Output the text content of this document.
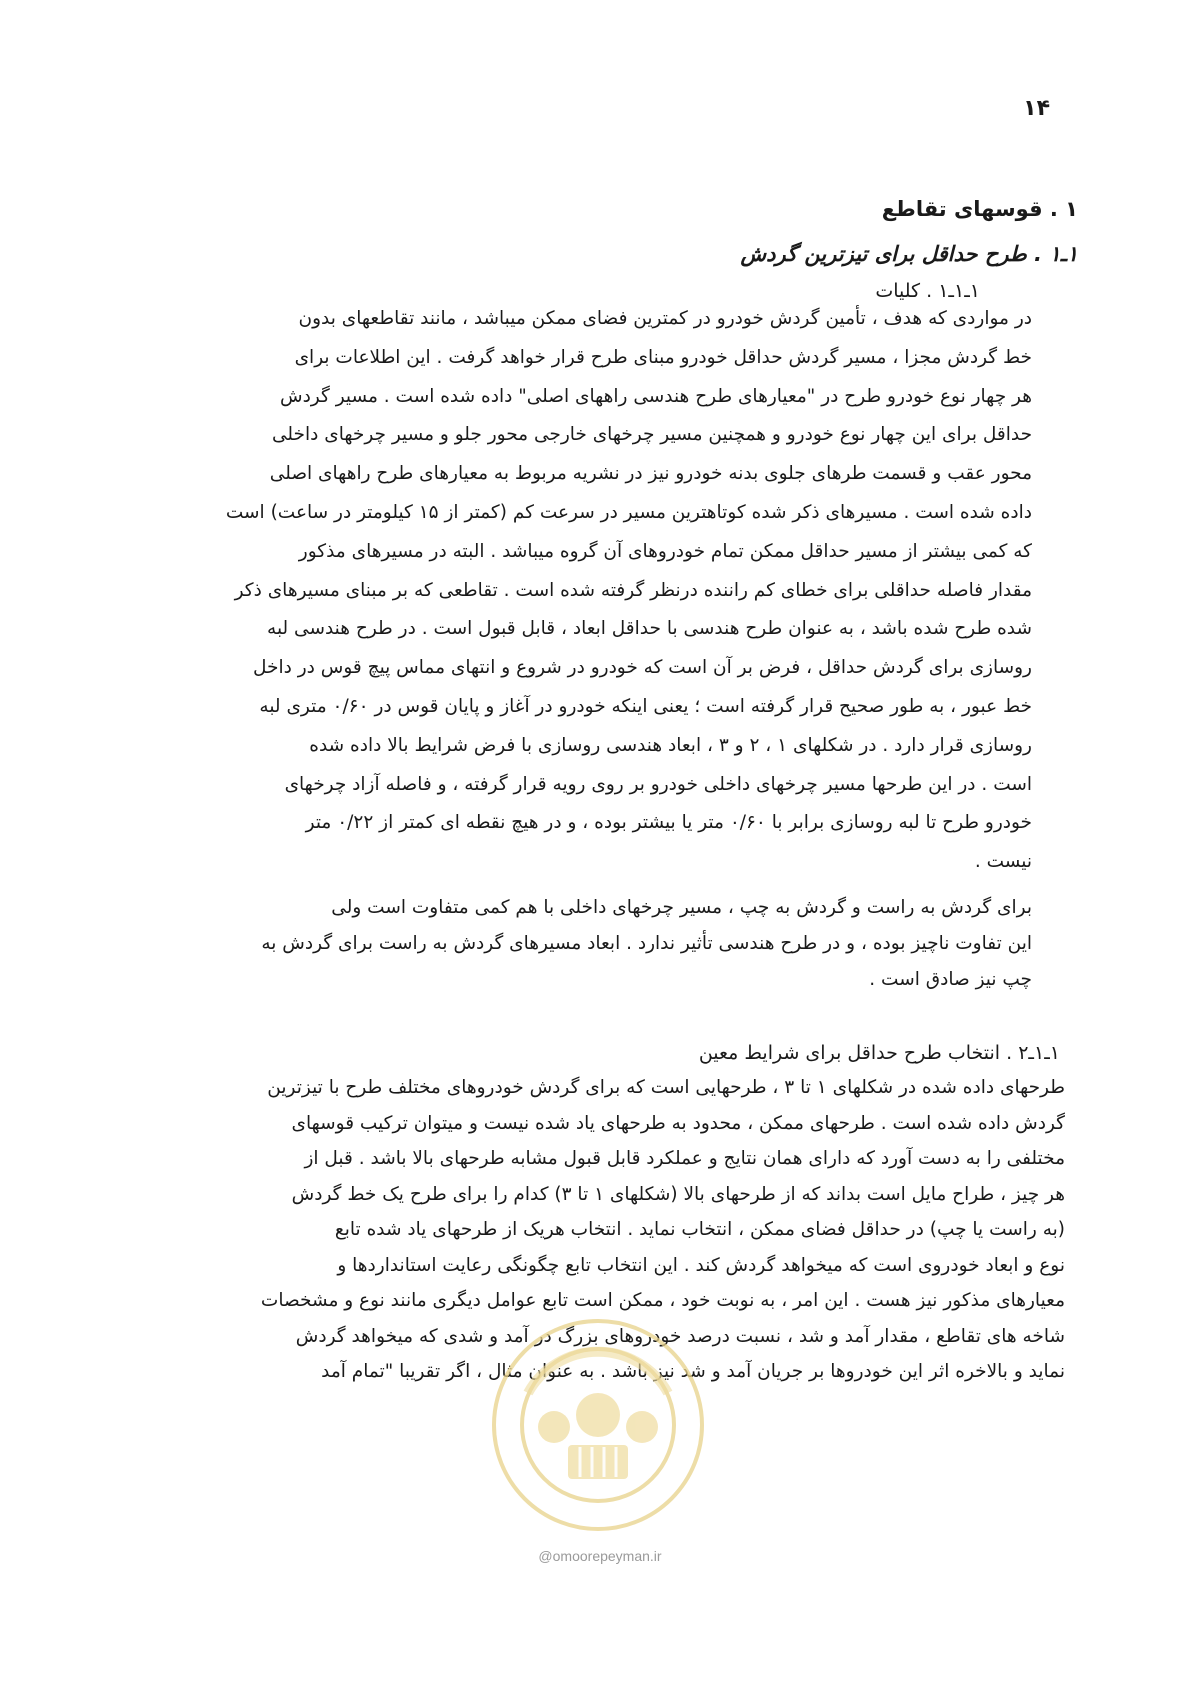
۱۴
۱ . قوسهای تقاطع
۱ـ۱ . طرح حداقل برای تیزترین گردش
۱ـ۱ـ۱ . کلیات

در مواردی که هدف ، تأمین گردش خودرو در کمترین فضای ممکن میباشد ، مانند تقاطعهای بدون
خط گردش مجزا ، مسیر گردش حداقل خودرو مبنای طرح قرار خواهد گرفت . این اطلاعات برای
هر چهار نوع خودرو طرح در "معیارهای طرح هندسی راههای اصلی" داده شده است . مسیر گردش
حداقل برای این چهار نوع خودرو و همچنین مسیر چرخهای خارجی محور جلو و مسیر چرخهای داخلی
محور عقب و قسمت طرهای جلوی بدنه خودرو نیز در نشریه مربوط به معیارهای طرح راههای اصلی
داده شده است . مسیرهای ذکر شده کوتاهترین مسیر در سرعت کم (کمتر از ۱۵ کیلومتر در ساعت) است
که کمی بیشتر از مسیر حداقل ممکن تمام خودروهای آن گروه میباشد . البته در مسیرهای مذکور
مقدار فاصله حداقلی برای خطای کم راننده درنظر گرفته شده است . تقاطعی که بر مبنای مسیرهای ذکر
شده طرح شده باشد ، به عنوان طرح هندسی با حداقل ابعاد ، قابل قبول است . در طرح هندسی لبه
روسازی برای گردش حداقل ، فرض بر آن است که خودرو در شروع و انتهای مماس پیچ قوس در داخل
خط عبور ، به طور صحیح قرار گرفته است ؛ یعنی اینکه خودرو در آغاز و پایان قوس در ۰/۶۰ متری لبه
روسازی قرار دارد . در شکلهای ۱ ، ۲ و ۳ ، ابعاد هندسی روسازی با فرض شرایط بالا داده شده
است . در این طرحها مسیر چرخهای داخلی خودرو بر روی رویه قرار گرفته ، و فاصله آزاد چرخهای
خودرو طرح تا لبه روسازی برابر با ۰/۶۰ متر یا بیشتر بوده ، و در هیچ نقطه ای کمتر از ۰/۲۲ متر
نیست .

برای گردش به راست و گردش به چپ ، مسیر چرخهای داخلی با هم کمی متفاوت است ولی
این تفاوت ناچیز بوده ، و در طرح هندسی تأثیر ندارد . ابعاد مسیرهای گردش به راست برای گردش به
چپ نیز صادق است .

۱ـ۱ـ۲ . انتخاب طرح حداقل برای شرایط معین

طرحهای داده شده در شکلهای ۱ تا ۳ ، طرحهایی است که برای گردش خودروهای مختلف طرح با تیزترین
گردش داده شده است . طرحهای ممکن ، محدود به طرحهای یاد شده نیست و میتوان ترکیب قوسهای
مختلفی را به دست آورد که دارای همان نتایج و عملکرد قابل قبول مشابه طرحهای بالا باشد . قبل از
هر چیز ، طراح مایل است بداند که از طرحهای بالا (شکلهای ۱ تا ۳) کدام را برای طرح یک خط گردش
(به راست یا چپ) در حداقل فضای ممکن ، انتخاب نماید . انتخاب هریک از طرحهای یاد شده تابع
نوع و ابعاد خودروی است که میخواهد گردش کند . این انتخاب تابع چگونگی رعایت استانداردها و
معیارهای مذکور نیز هست . این امر ، به نوبت خود ، ممکن است تابع عوامل دیگری مانند نوع و مشخصات
شاخه های تقاطع ، مقدار آمد و شد ، نسبت درصد خودروهای بزرگ در آمد و شدی که میخواهد گردش
نماید و بالاخره اثر این خودروها بر جریان آمد و شد نیز باشد . به عنوان مثال ، اگر تقریبا "تمام آمد

@omoorepeyman.ir
